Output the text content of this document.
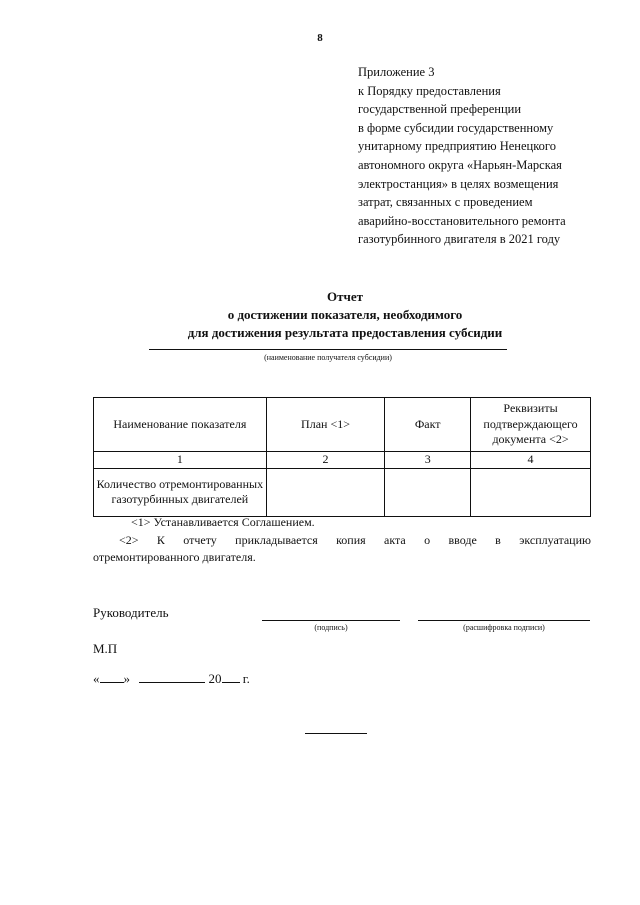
8
Приложение 3
к Порядку предоставления
государственной преференции
в форме субсидии государственному
унитарному предприятию Ненецкого
автономного округа «Нарьян-Марская
электростанция» в целях возмещения
затрат, связанных с проведением
аварийно-восстановительного ремонта
газотурбинного двигателя в 2021 году
Отчет
о достижении показателя, необходимого
для достижения результата предоставления субсидии
(наименование получателя субсидии)
Наименование показателя	План <1>	Факт	Реквизиты подтверждающего документа <2>
1	2	3	4
Количество отремонтированных газотурбинных двигателей			
<1> Устанавливается Соглашением.
<2> К отчету прикладывается копия акта о вводе в эксплуатацию
отремонтированного двигателя.
Руководитель
(подпись)	(расшифровка подписи)
М.П
« »	20 г.
